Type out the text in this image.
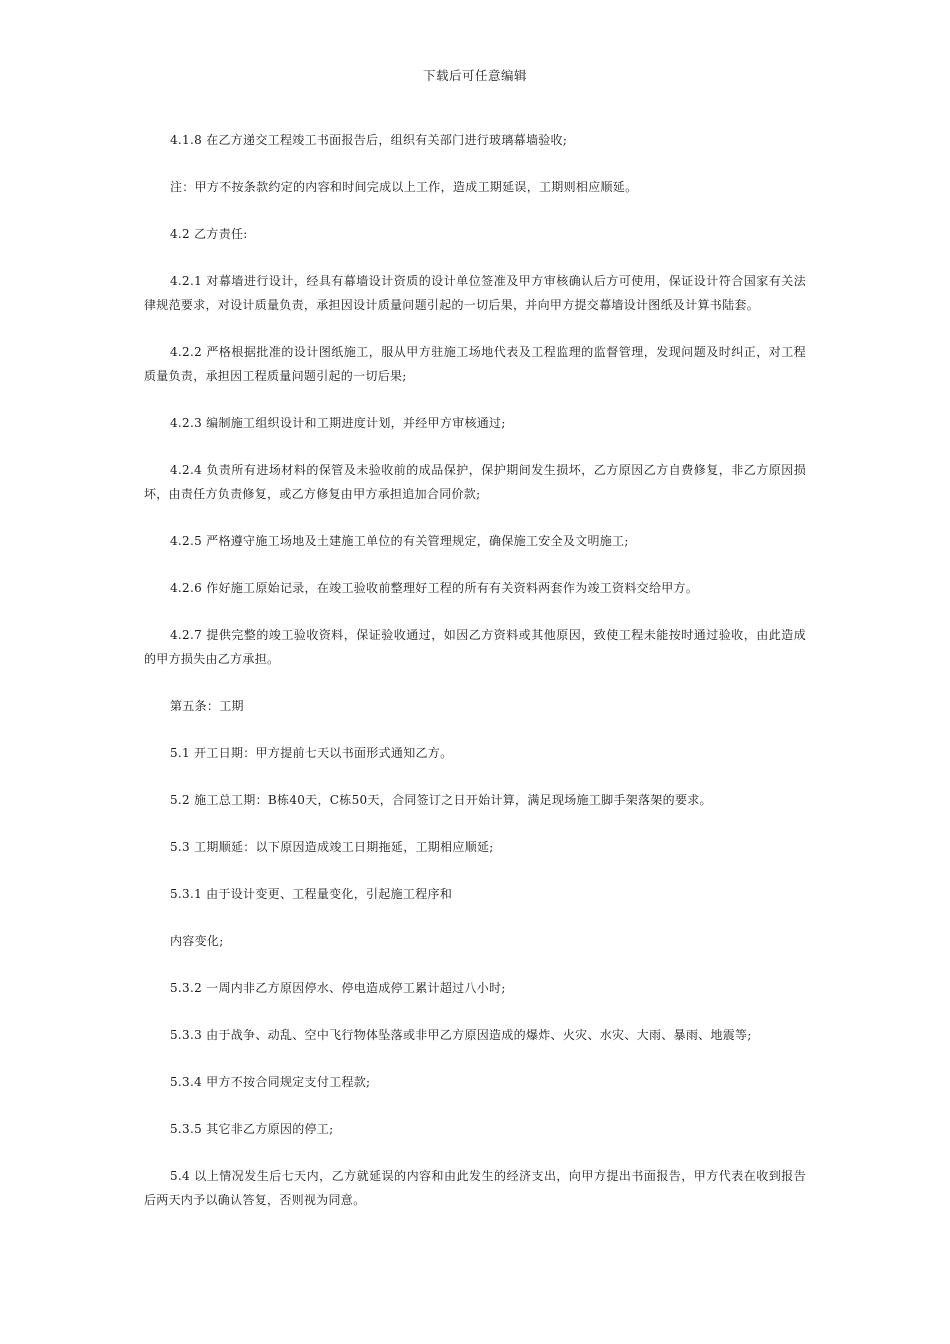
下载后可任意编辑

4.1.8 在乙方递交工程竣工书面报告后，组织有关部门进行玻璃幕墙验收;

注：甲方不按条款约定的内容和时间完成以上工作，造成工期延误，工期则相应顺延。

4.2 乙方责任:

4.2.1 对幕墙进行设计，经具有幕墙设计资质的设计单位签准及甲方审核确认后方可使用，保证设计符合国家有关法律规范要求，对设计质量负责，承担因设计质量问题引起的一切后果，并向甲方提交幕墙设计图纸及计算书陆套。

4.2.2 严格根据批准的设计图纸施工，服从甲方驻施工场地代表及工程监理的监督管理，发现问题及时纠正，对工程质量负责，承担因工程质量问题引起的一切后果;

4.2.3 编制施工组织设计和工期进度计划，并经甲方审核通过;

4.2.4 负责所有进场材料的保管及未验收前的成品保护，保护期间发生损坏，乙方原因乙方自费修复，非乙方原因损坏，由责任方负责修复，或乙方修复由甲方承担追加合同价款;

4.2.5 严格遵守施工场地及土建施工单位的有关管理规定，确保施工安全及文明施工;

4.2.6 作好施工原始记录，在竣工验收前整理好工程的所有有关资料两套作为竣工资料交给甲方。

4.2.7 提供完整的竣工验收资料，保证验收通过，如因乙方资料或其他原因，致使工程未能按时通过验收，由此造成的甲方损失由乙方承担。

第五条：工期

5.1 开工日期：甲方提前七天以书面形式通知乙方。

5.2 施工总工期：B栋40天，C栋50天，合同签订之日开始计算，满足现场施工脚手架落架的要求。

5.3 工期顺延：以下原因造成竣工日期拖延，工期相应顺延;

5.3.1 由于设计变更、工程量变化，引起施工程序和

内容变化;

5.3.2 一周内非乙方原因停水、停电造成停工累计超过八小时;

5.3.3 由于战争、动乱、空中飞行物体坠落或非甲乙方原因造成的爆炸、火灾、水灾、大雨、暴雨、地震等;

5.3.4 甲方不按合同规定支付工程款;

5.3.5 其它非乙方原因的停工;

5.4 以上情况发生后七天内，乙方就延误的内容和由此发生的经济支出，向甲方提出书面报告，甲方代表在收到报告后两天内予以确认答复，否则视为同意。
